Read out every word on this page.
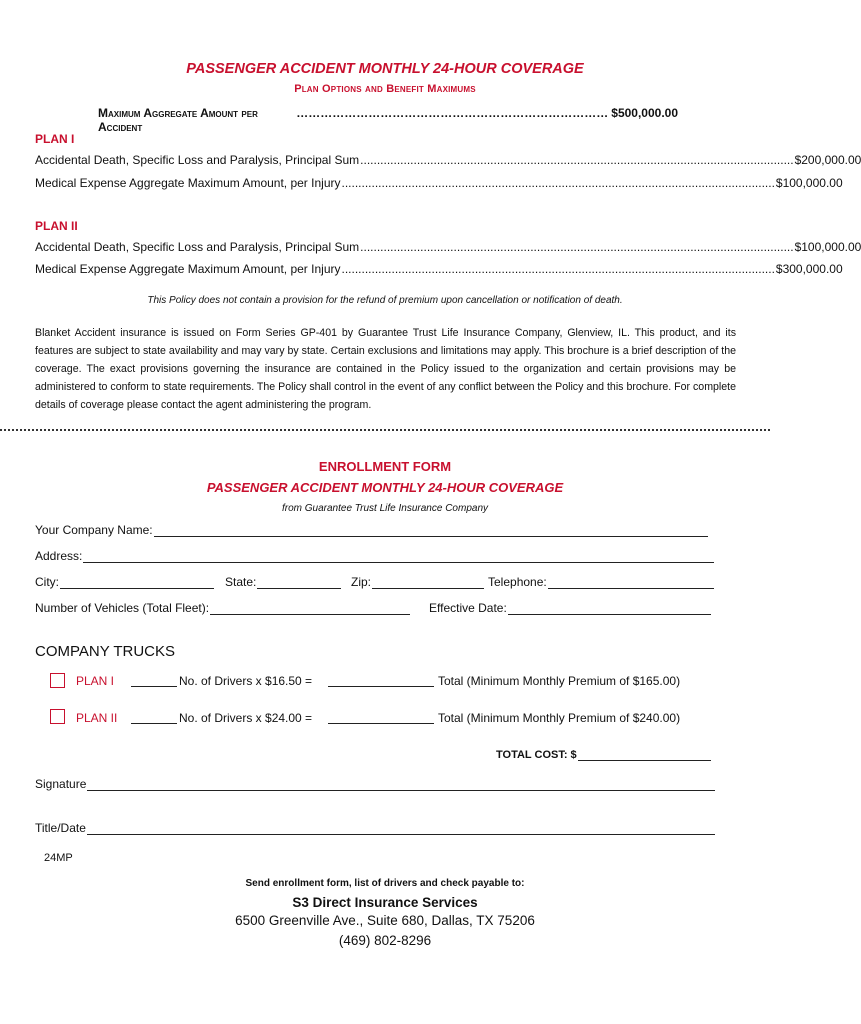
PASSENGER ACCIDENT MONTHLY 24-HOUR COVERAGE
Plan Options and Benefit Maximums
Maximum Aggregate Amount per Accident
…………………………………………………………………… $500,000.00
PLAN I
Accidental Death, Specific Loss and Paralysis, Principal Sum .................................................................................................................................. $200,000.00
Medical Expense Aggregate Maximum Amount, per Injury .................................................................................................................................. $100,000.00
PLAN II
Accidental Death, Specific Loss and Paralysis, Principal Sum .................................................................................................................................. $100,000.00
Medical Expense Aggregate Maximum Amount, per Injury .................................................................................................................................. $300,000.00
This Policy does not contain a provision for the refund of premium upon cancellation or notification of death.
Blanket Accident insurance is issued on Form Series GP-401 by Guarantee Trust Life Insurance Company, Glenview, IL. This product, and its features are subject to state availability and may vary by state. Certain exclusions and limitations may apply. This brochure is a brief description of the coverage. The exact provisions governing the insurance are contained in the Policy issued to the organization and certain provisions may be administered to conform to state requirements. The Policy shall control in the event of any conflict between the Policy and this brochure. For complete details of coverage please contact the agent administering the program.
ENROLLMENT FORM
PASSENGER ACCIDENT MONTHLY 24-HOUR COVERAGE
from Guarantee Trust Life Insurance Company
Your Company Name:
Address:
City:	State:	Zip:	Telephone:
Number of Vehicles (Total Fleet):	Effective Date:
COMPANY TRUCKS
PLAN I	No. of Drivers x $16.50 =	Total (Minimum Monthly Premium of $165.00)
PLAN II	No. of Drivers x $24.00 =	Total (Minimum Monthly Premium of $240.00)
TOTAL COST: $
Signature
Title/Date
24MP
Send enrollment form, list of drivers and check payable to:
S3 Direct Insurance Services
6500 Greenville Ave., Suite 680, Dallas, TX 75206
(469) 802-8296
